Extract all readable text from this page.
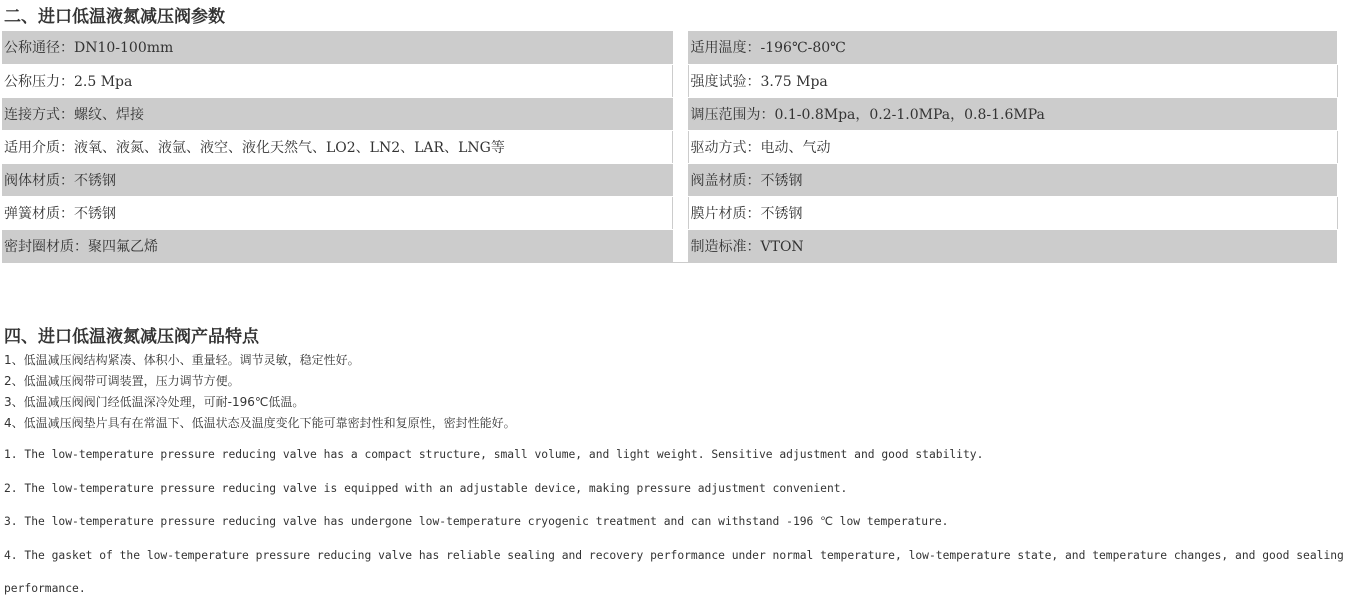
二、进口低温液氮减压阀参数
公称通径：DN10-100mm		适用温度：-196℃-80℃
公称压力：2.5 Mpa		强度试验：3.75 Mpa
连接方式：螺纹、焊接		调压范围为：0.1-0.8Mpa，0.2-1.0MPa，0.8-1.6MPa
适用介质：液氧、液氮、液氩、液空、液化天然气、LO2、LN2、LAR、LNG等		驱动方式：电动、气动
阀体材质：不锈钢		阀盖材质：不锈钢
弹簧材质：不锈钢		膜片材质：不锈钢
密封圈材质：聚四氟乙烯		制造标准：VTON
四、进口低温液氮减压阀产品特点
1、低温减压阀结构紧凑、体积小、重量轻。调节灵敏，稳定性好。
2、低温减压阀带可调装置，压力调节方便。
3、低温减压阀阀门经低温深冷处理，可耐-196℃低温。
4、低温减压阀垫片具有在常温下、低温状态及温度变化下能可靠密封性和复原性，密封性能好。
1. The low-temperature pressure reducing valve has a compact structure, small volume, and light weight. Sensitive adjustment and good stability.
2. The low-temperature pressure reducing valve is equipped with an adjustable device, making pressure adjustment convenient.
3. The low-temperature pressure reducing valve has undergone low-temperature cryogenic treatment and can withstand -196 ℃ low temperature.
4. The gasket of the low-temperature pressure reducing valve has reliable sealing and recovery performance under normal temperature, low-temperature state, and temperature changes, and good sealing performance.
